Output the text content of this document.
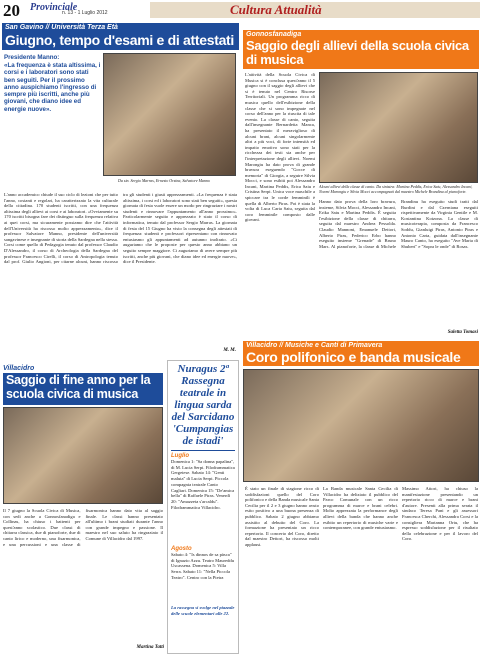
20 Provinciale
n. 13 - 1 Luglio 2012	Cultura Attualità
San Gavino // Università Terza Età
Giugno, tempo d'esami e di attestati
Presidente Manno:
«La frequenza è stata altissima, i corsi e i laboratori sono stati ben seguiti. Per il prossimo anno auspichiamo l'ingresso di sempre più iscritti, anche più giovani, che diano idee ed energie nuove».
Da sin. Sergio Marras, Ernesto Orsina, Salvatore Manno
L'anno accademico chiude il suo ciclo di lezioni che per tutto l'anno, costanti e regolari, ha caratterizzato la vita culturale della cittadina. 170 studenti iscritti, con una frequenza altissima degli allievi ai corsi e ai laboratori. «Ovviamente su 170 iscritti bisogna fare dei distinguo sulla frequenza relativa ai quei corsi, ma sicuramente possiamo dire che l'attività dell'Università ha riscosso molto apprezzamento», dice il professor Salvatore Manno, presidente dell'università sangavinese e insegnante di storia della Sardegna nella stessa. Corsi come quello di Pedagogia tenuto dal professor Claudio D'Alessandro, il corso di Archeologia della Sardegna del professor Francesco Cirelli, il corso di Antropologia tenuto dal prof. Giulio Angioni, per citarne alcuni, hanno riscosso tra gli studenti i giusti apprezzamenti. «La frequenza è stata altissima, i corsi ed i laboratori sono stati ben seguiti», questa giornata di festa vuole essere un modo per ringraziare i nostri studenti e rinnovare l'appuntamento all'anno prossimo». Particolarmente seguito e apprezzato è stato il corso di informatica, tenuto dal professor Sergio Marras. La giornata di festa del 15 Giugno ha visto la consegna degli attestati di frequenza: studenti e professori ripresentano con rinnovato entusiasmo gli appuntamenti ad autunno inoltrato. «Ci auguriamo che le proposte per questo anno abbiano un seguito sempre maggiore. Ci auguriamo di avere sempre più iscritti, anche più giovani, che diano idee ed energie nuove», dice il Presidente.
M. M.
Gonnosfanadiga
Saggio degli allievi della scuola civica di musica
L'attività della Scuola Civica di Musica si è conclusa quest'anno il 5 giugno con il saggio degli allievi che si è tenuto nel Centro Risorse Territoriali. Un programma ricco di musica quello dell'esibizione della classe che si sono impegnate nel corso dell'anno per la riuscita di tale evento. La classe di canto, seguita dall'insegnante Bernardetta Manca, ha presentato il meraviglioso di alcuni brani, alcuni singolarmente altri a più voci, di forte intensità ed impatto emotivo sono stati per la ricchezza dei testi sia anche per l'interpretazione degli allievi. Noemi Marongiu ha dato prova di grande bravura eseguendo "Gocce di memoria" di Giorgia, a seguire Silvia Mocci, e sono esibiti poi Alessandro Incani, Martina Peddis, Erica Saiu e Cristina Serpi. Unica voce maschile a spiccare tra le corde femminili è quella di Alberto Piras. Poi è stata la volta di Luca Carta Saiu, seguita dal coro femminile composto dalle giovani.
Alcuni allievi della classe di canto. Da sinistra: Martina Peddis, Erica Saiu, Alessandro Incani, Noemi Marongiu e Silvia Mocci accompagnati dal maestro Michele Brandinu al pianoforte.
Hanno dato prova della loro bravura, insieme, Silvia Mocci, Alessandro Incani, Erika Saiu e Martina Peddis. È seguita l'esibizione della classe di chitarra, seguita dal maestro Andrea Pessolda. Claudio Mannoni, Emanuele Dettori, Alberto Piras, Federico Erbo hanno eseguito insieme "Grenade" di Bruno Mars. Al pianoforte, la classe di Michele Brandinu ha eseguito studi tratti dal Burdini e dal Czerniana eseguiti rispettivamente da Virginia Gentile e M. Kostantina Kotzona. La classe di musicoterapia, composta da Francesco Soddu, Gianluigi Piras, Antonio Piras e Antonio Carta, guidata dall'insegnante Mauro Canto, ha eseguito "Ave Maria di Shubert" e "Sopra le onde" di Rosas.
Saletta Tomasi
Villacidro // Musiche e Canti di Primavera
Coro polifonico e banda musicale
È stato un finale di stagione ricco di soddisfazioni quello del Coro polifonico e della Banda musicale Santa Cecilia per il 2 e 3 giugno hanno avuto esito positivo a una buona presenza di pubblico. Sabato 2 giugno abbiamo assistito al debutto del Coro. La formazione ha presentato un ricco repertorio. Il concerto del Coro, diretto dal maestro Dettori, ha riscosso molti applausi.
La Banda musicale Santa Cecilia di Villacidro ha deliziato il pubblico del Parco Comunale con un ricco programma di marce e brani celebri. Molto apprezzata la performance degli allievi della banda che hanno anche esibito un repertorio di musiche varie e contemporanee, con grande entusiasmo.
Massimo Attori, ha chiuso la manifestazione presentando un repertorio ricco di marce e brani d'autore. Presenti alla prima serata il sindaco Teresa Pani e gli assessori Francesca Cherchi, Alessandra Corsi e la consigliera Marianna Ortu, che ha espresso soddisfazione per il risultato della celebrazione e per il lavoro del Coro.
Villacidro
Saggio di fine anno per la scuola civica di musica
Il 7 giugno la Scuola Civica di Musica, con sedi anche a Gonnosfanadiga e Collinas, ha chiuso i battenti per quest'anno scolastico. Due classi di chitarra classica, due di pianoforte, due di canto lirico e moderno, una fisarmonica, e una percussioni e una classe di fisarmonica hanno dato vita al saggio finale. Le classi hanno presentato all'ultimo i brani studiati durante l'anno con grande impegno e passione. Il maestro nel suo saluto ha ringraziato il Comune di Villacidro dal 1997.
Martina Tatti
Nuragus 2ª Rassegna teatrale in lingua sarda del Sarcidano 'Cumpangias de istadi'
Luglio
Domenica 1: "Sa donna papalina", di M. Lucia Serpi. Filodrammatica Gergeiese. Sabato 14: "Genti maluta" di Lucia Serpi. Piccola compagnia teatrale Canto Cagliari. Domenica 15: "De'amica bella" di Raffaele Piras. Venerdì 20: "Amazzeta s'arcaldu". Filodrammatica Villacidro.
Agosto
Sabato 4: "Is dinnos de sa pàsca" di Ignazio Azzu. Teatro Maureddu Uscassena. Domenica 5: Villa Serra. Sabato 11: "Nella Piccola Teatro". Centro con la Pietra
La rassegna si svolge nel piazzale delle scuole elementari alle 22.
